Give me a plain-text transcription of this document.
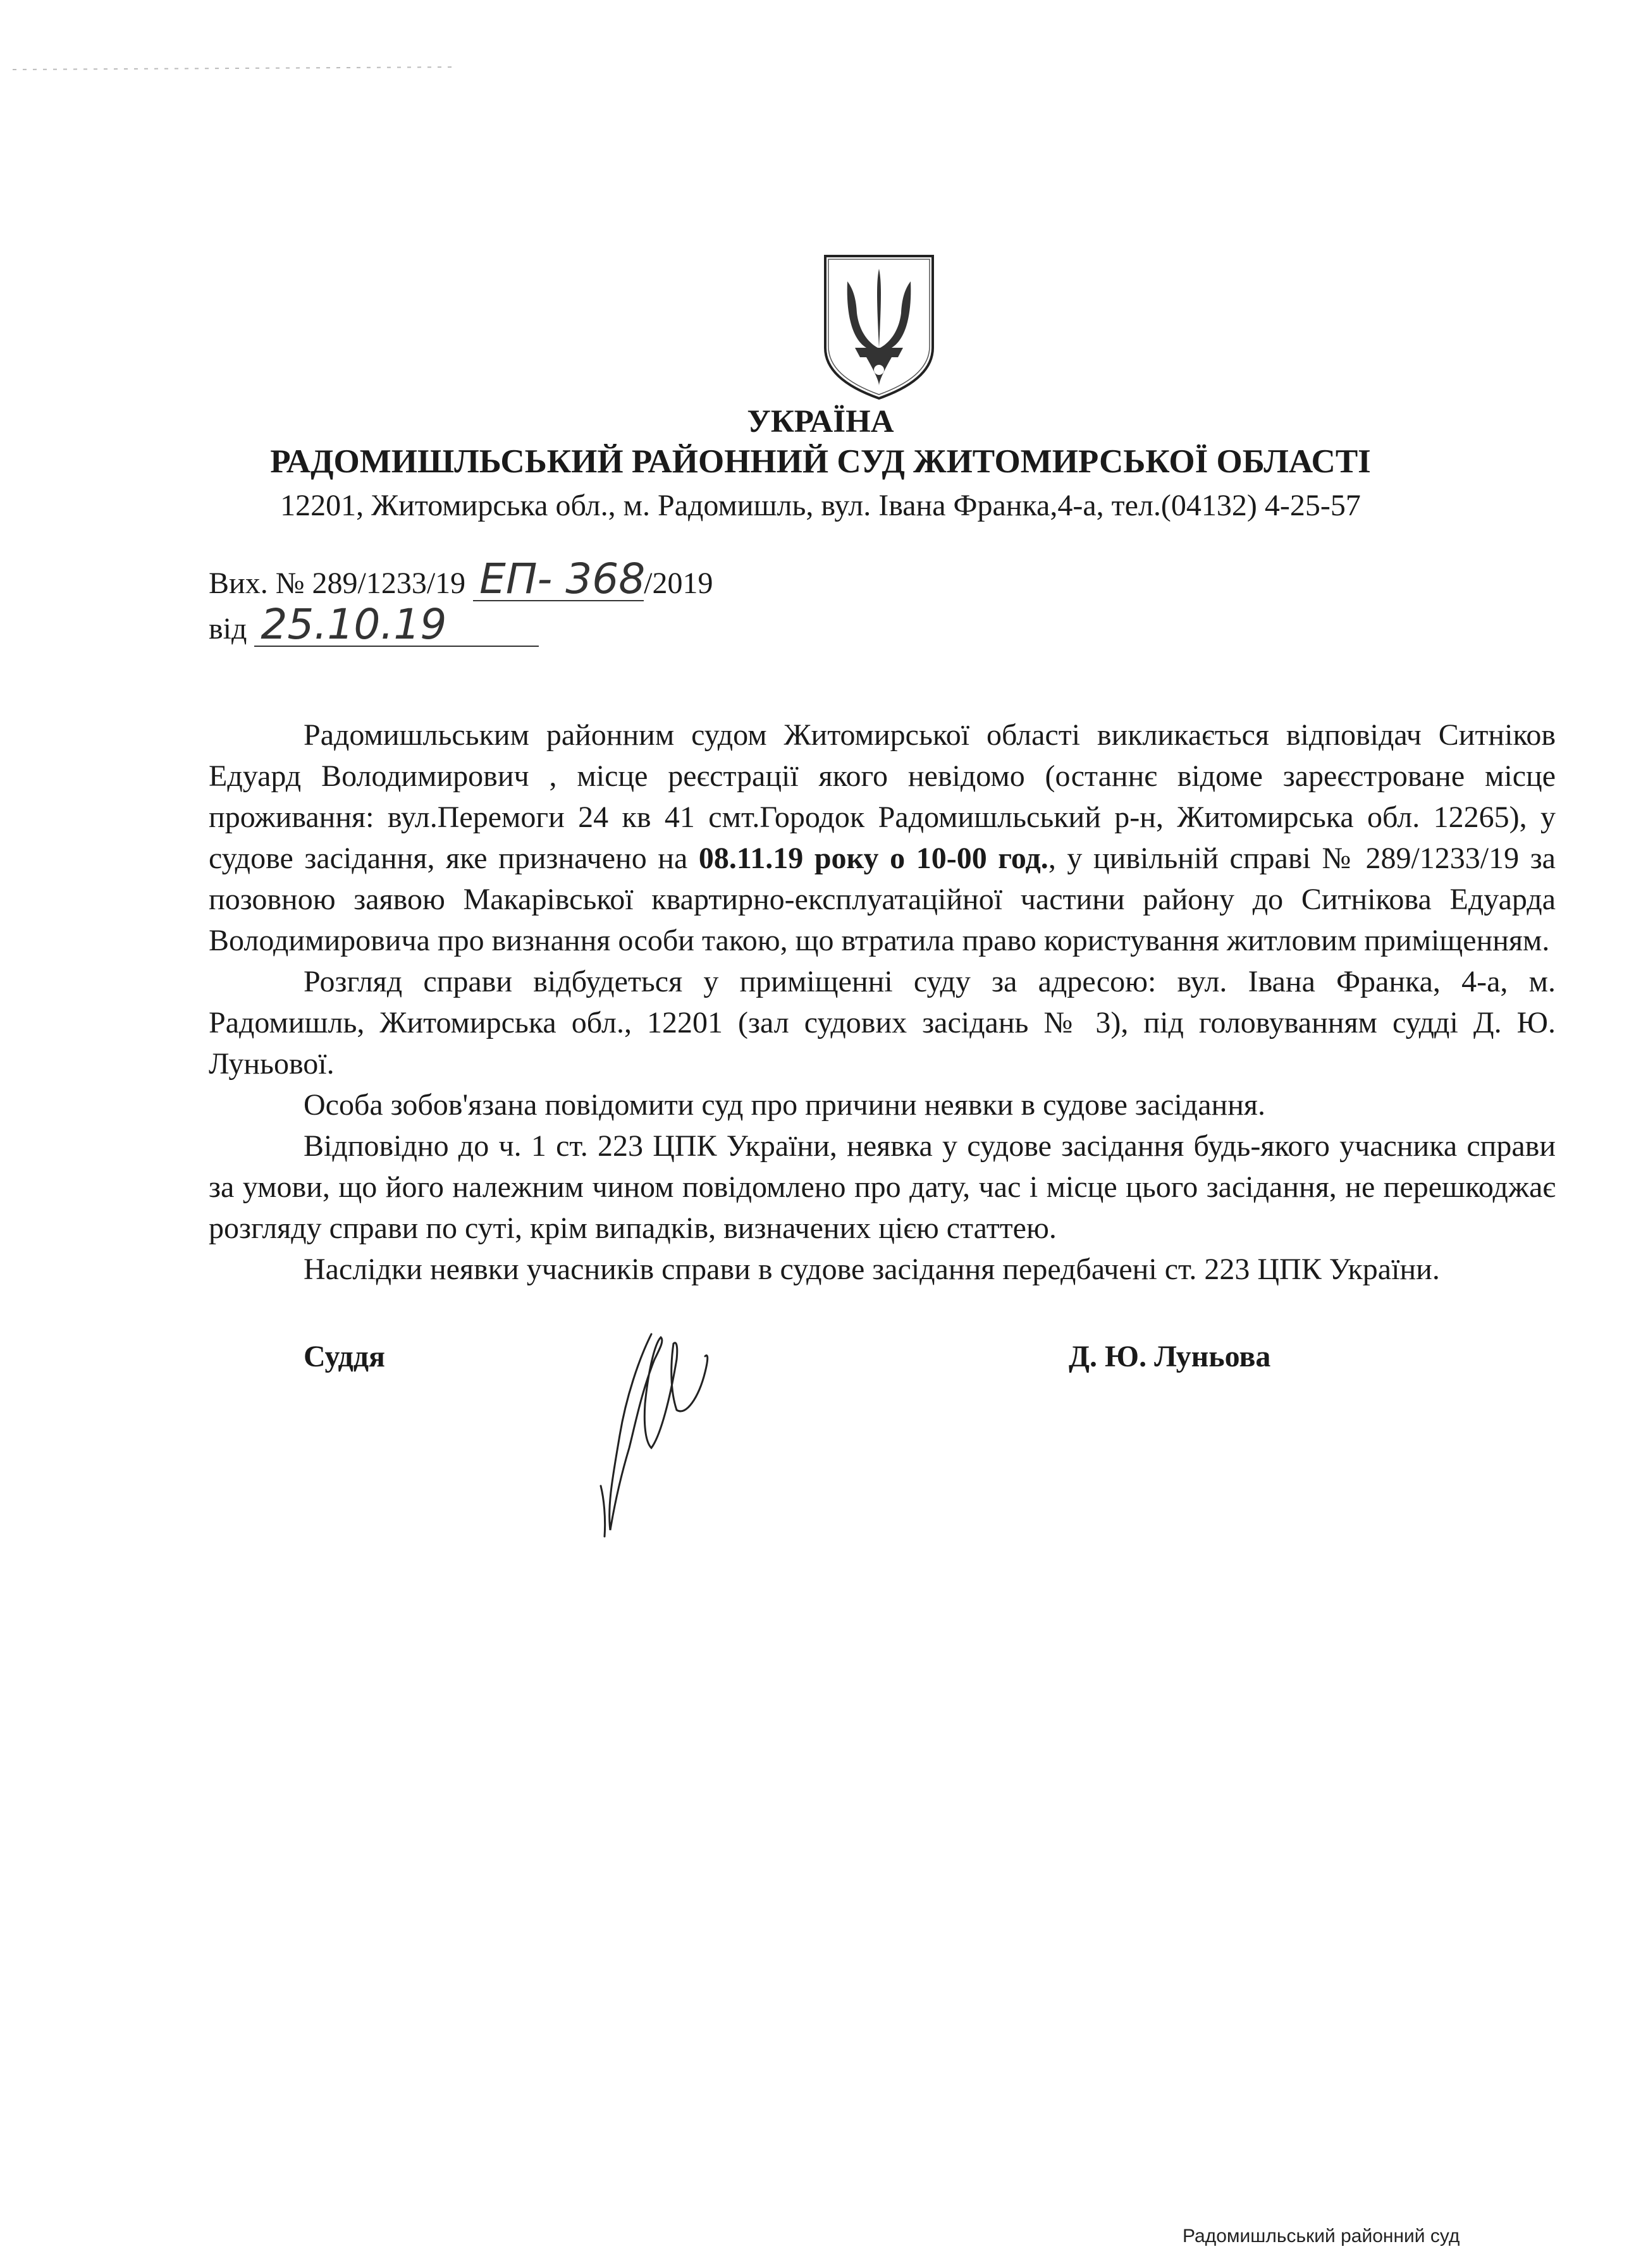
УКРАЇНА
РАДОМИШЛЬСЬКИЙ РАЙОННИЙ СУД ЖИТОМИРСЬКОЇ ОБЛАСТІ
12201, Житомирська обл., м. Радомишль, вул. Івана Франка,4-а, тел.(04132) 4-25-57
Вих. № 289/1233/19 ЕП- 368/2019
від 25.10.19

Радомишльським районним судом Житомирської області викликається відповідач Ситніков Едуард Володимирович , місце реєстрації якого невідомо (останнє відоме зареєстроване місце проживання: вул.Перемоги 24 кв 41 смт.Городок Радомишльський р-н, Житомирська обл. 12265), у судове засідання, яке призначено на 08.11.19 року о 10-00 год., у цивільній справі № 289/1233/19 за позовною заявою Макарівської квартирно-експлуатаційної частини району до Ситнікова Едуарда Володимировича про визнання особи такою, що втратила право користування житловим приміщенням.

Розгляд справи відбудеться у приміщенні суду за адресою: вул. Івана Франка, 4-а, м. Радомишль, Житомирська обл., 12201 (зал судових засідань № 3), під головуванням судді Д. Ю. Луньової.

Особа зобов'язана повідомити суд про причини неявки в судове засідання.

Відповідно до ч. 1 ст. 223 ЦПК України, неявка у судове засідання будь-якого учасника справи за умови, що його належним чином повідомлено про дату, час і місце цього засідання, не перешкоджає розгляду справи по суті, крім випадків, визначених цією статтею.

Наслідки неявки учасників справи в судове засідання передбачені ст. 223 ЦПК України.

Суддя	Д. Ю. Луньова
Радомишльський районний суд
